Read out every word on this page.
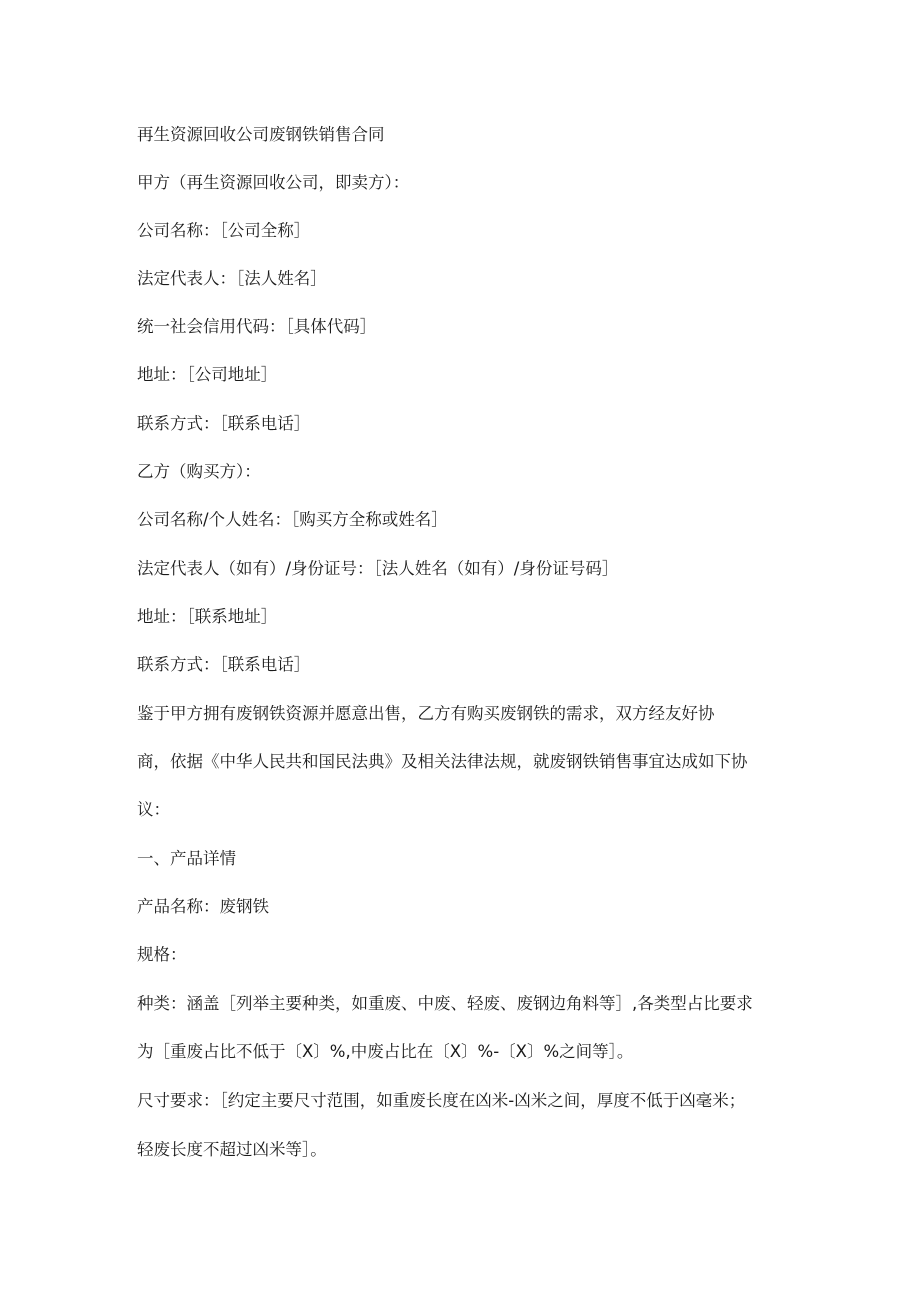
再生资源回收公司废钢铁销售合同
甲方（再生资源回收公司，即卖方）：
公司名称：［公司全称］
法定代表人：［法人姓名］
统一社会信用代码：［具体代码］
地址：［公司地址］
联系方式：［联系电话］
乙方（购买方）：
公司名称/个人姓名：［购买方全称或姓名］
法定代表人（如有）/身份证号：［法人姓名（如有）/身份证号码］
地址：［联系地址］
联系方式：［联系电话］
鉴于甲方拥有废钢铁资源并愿意出售，乙方有购买废钢铁的需求，双方经友好协
商，依据《中华人民共和国民法典》及相关法律法规，就废钢铁销售事宜达成如下协
议：
一、产品详情
产品名称：废钢铁
规格：
种类：涵盖［列举主要种类，如重废、中废、轻废、废钢边角料等］,各类型占比要求
为［重废占比不低于〔X〕%,中废占比在〔X〕%-〔X〕%之间等］。
尺寸要求：［约定主要尺寸范围，如重废长度在凶米-凶米之间，厚度不低于凶毫米；
轻废长度不超过凶米等］。
